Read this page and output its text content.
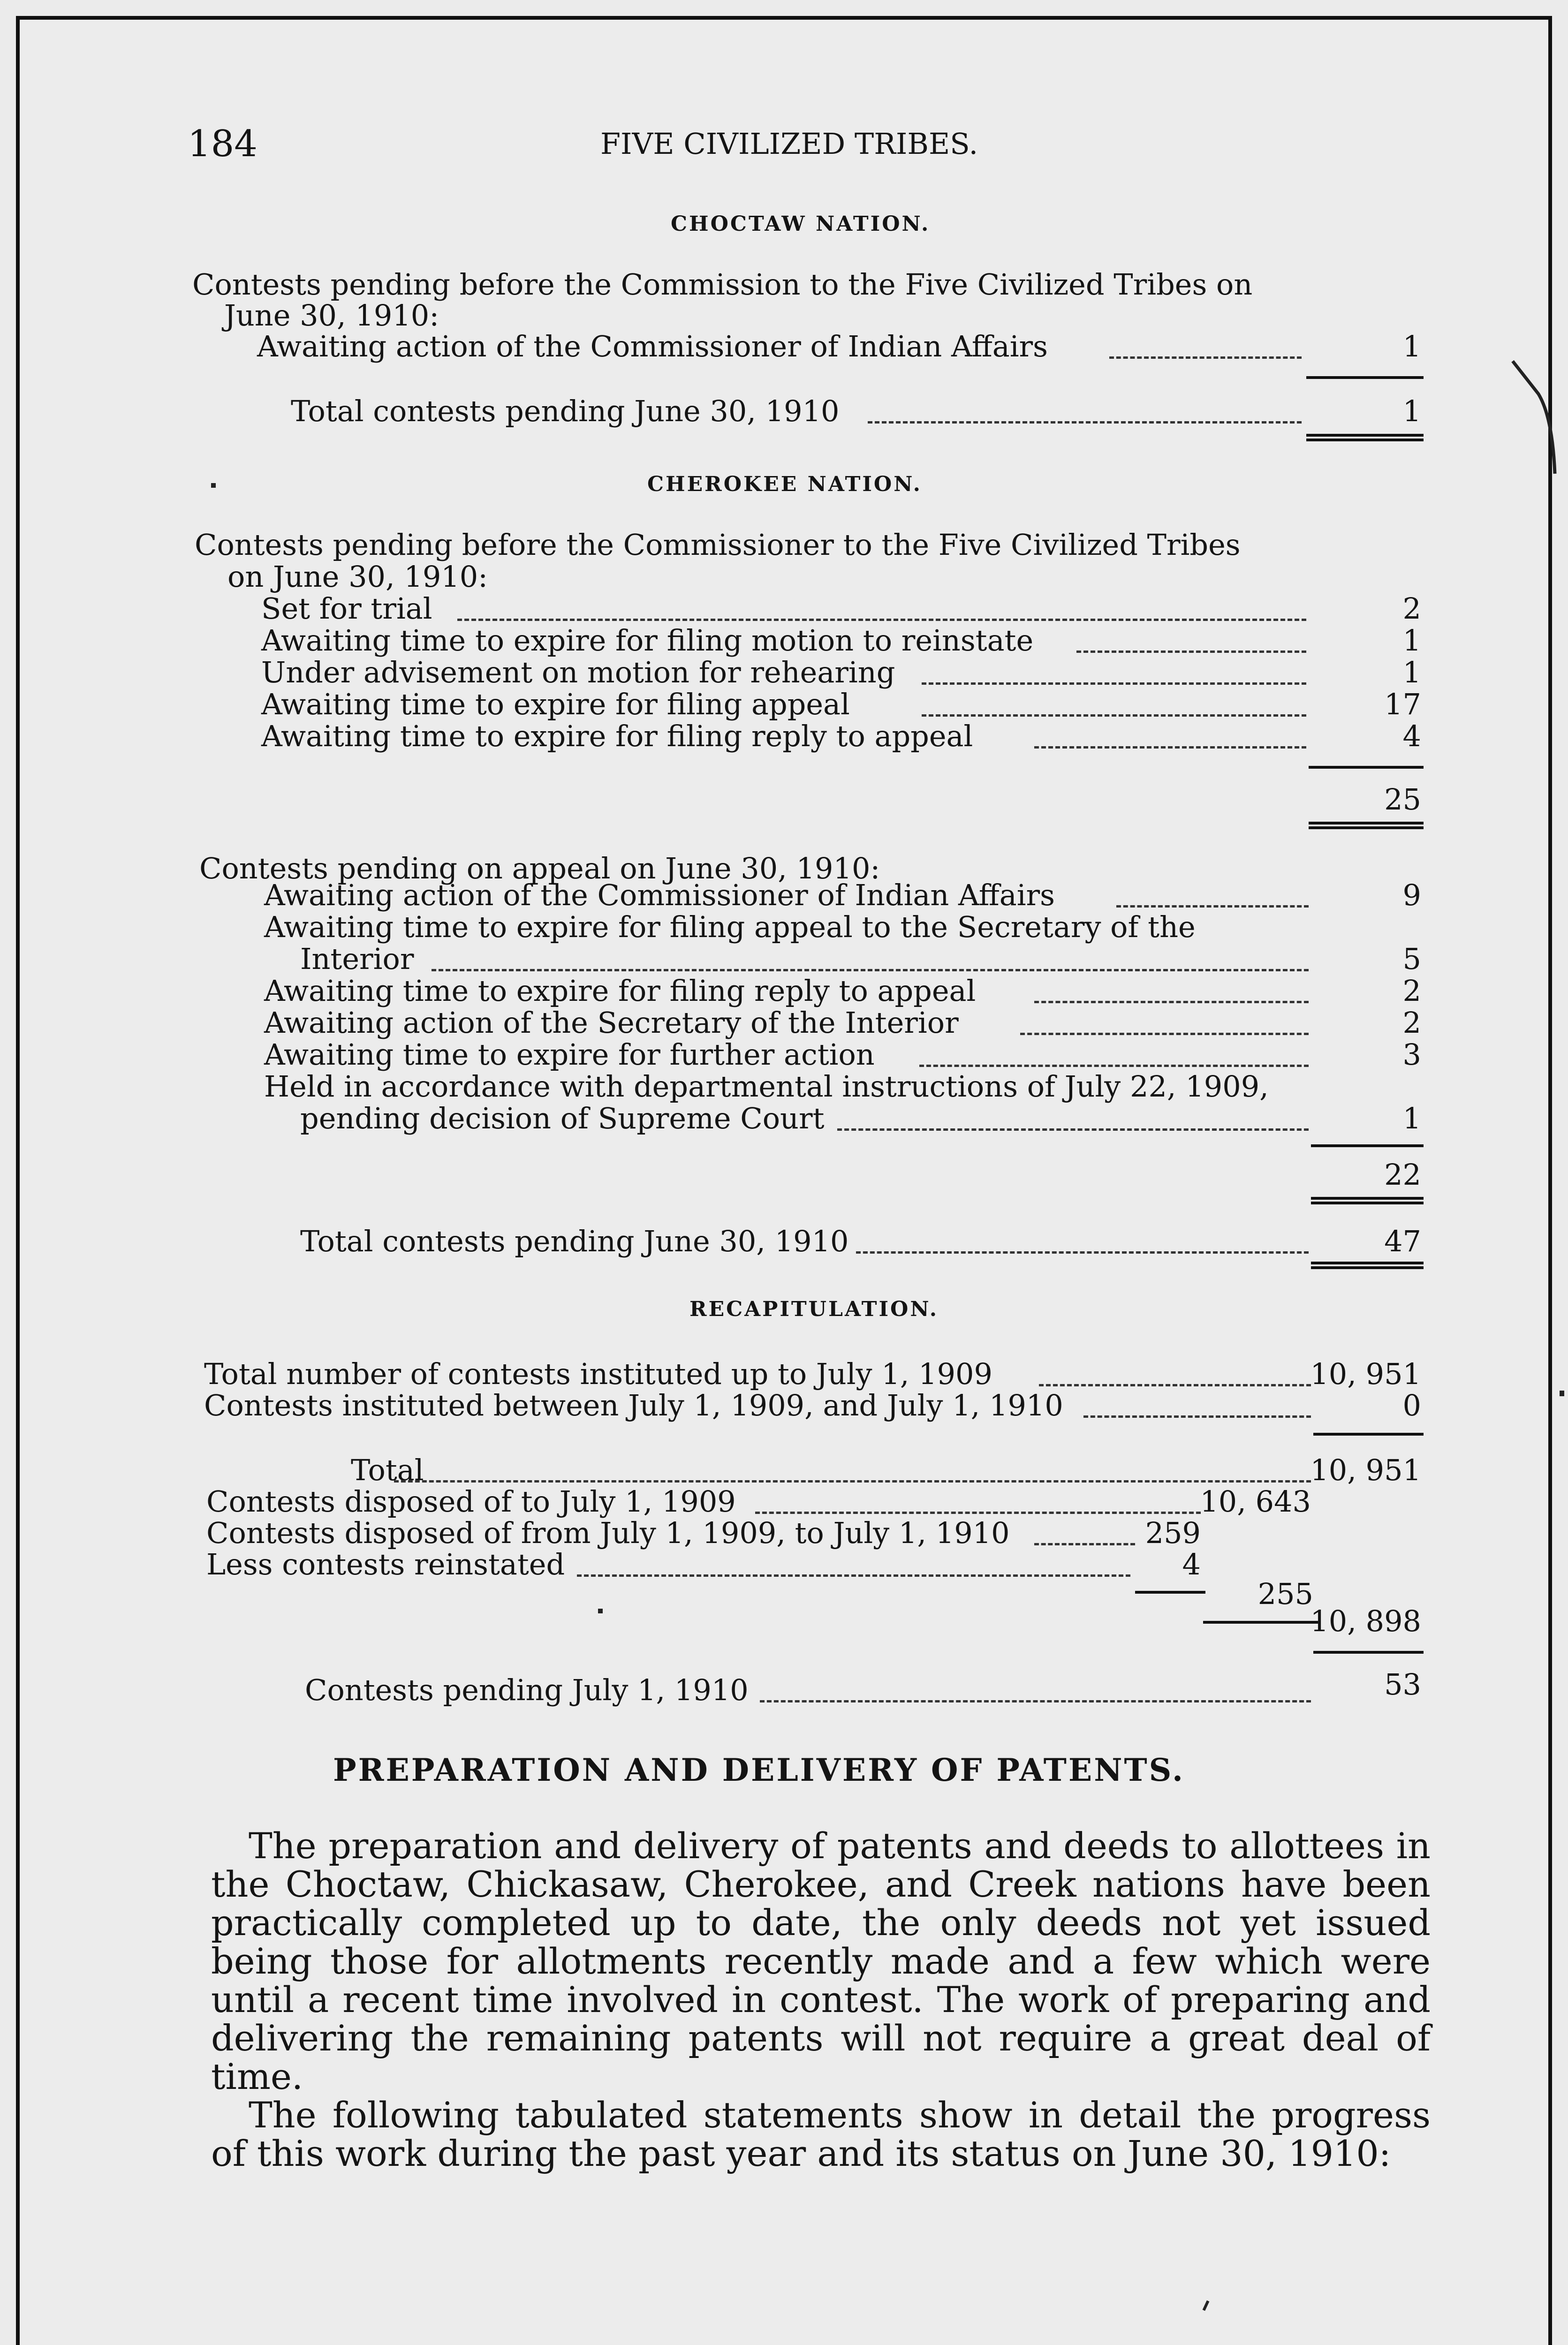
184	FIVE CIVILIZED TRIBES.
CHOCTAW NATION.
Contests pending before the Commission to the Five Civilized Tribes on
June 30, 1910:
Awaiting action of the Commissioner of Indian Affairs	1
Total contests pending June 30, 1910	1
CHEROKEE NATION.
Contests pending before the Commissioner to the Five Civilized Tribes
on June 30, 1910:
Set for trial	2
Awaiting time to expire for filing motion to reinstate	1
Under advisement on motion for rehearing	1
Awaiting time to expire for filing appeal	17
Awaiting time to expire for filing reply to appeal	4
25
Contests pending on appeal on June 30, 1910:
Awaiting action of the Commissioner of Indian Affairs	9
Awaiting time to expire for filing appeal to the Secretary of the
Interior	5
Awaiting time to expire for filing reply to appeal	2
Awaiting action of the Secretary of the Interior	2
Awaiting time to expire for further action	3
Held in accordance with departmental instructions of July 22, 1909,
pending decision of Supreme Court	1
22
Total contests pending June 30, 1910	47
RECAPITULATION.
Total number of contests instituted up to July 1, 1909	10, 951
Contests instituted between July 1, 1909, and July 1, 1910	0
Total	10, 951
Contests disposed of to July 1, 1909	10, 643
Contests disposed of from July 1, 1909, to July 1, 1910	259
Less contests reinstated	4
255
10, 898
Contests pending July 1, 1910	53
PREPARATION AND DELIVERY OF PATENTS.

The preparation and delivery of patents and deeds to allottees in the Choctaw, Chickasaw, Cherokee, and Creek nations have been practically completed up to date, the only deeds not yet issued being those for allotments recently made and a few which were until a recent time involved in contest. The work of preparing and delivering the remaining patents will not require a great deal of time.

The following tabulated statements show in detail the progress of this work during the past year and its status on June 30, 1910:
